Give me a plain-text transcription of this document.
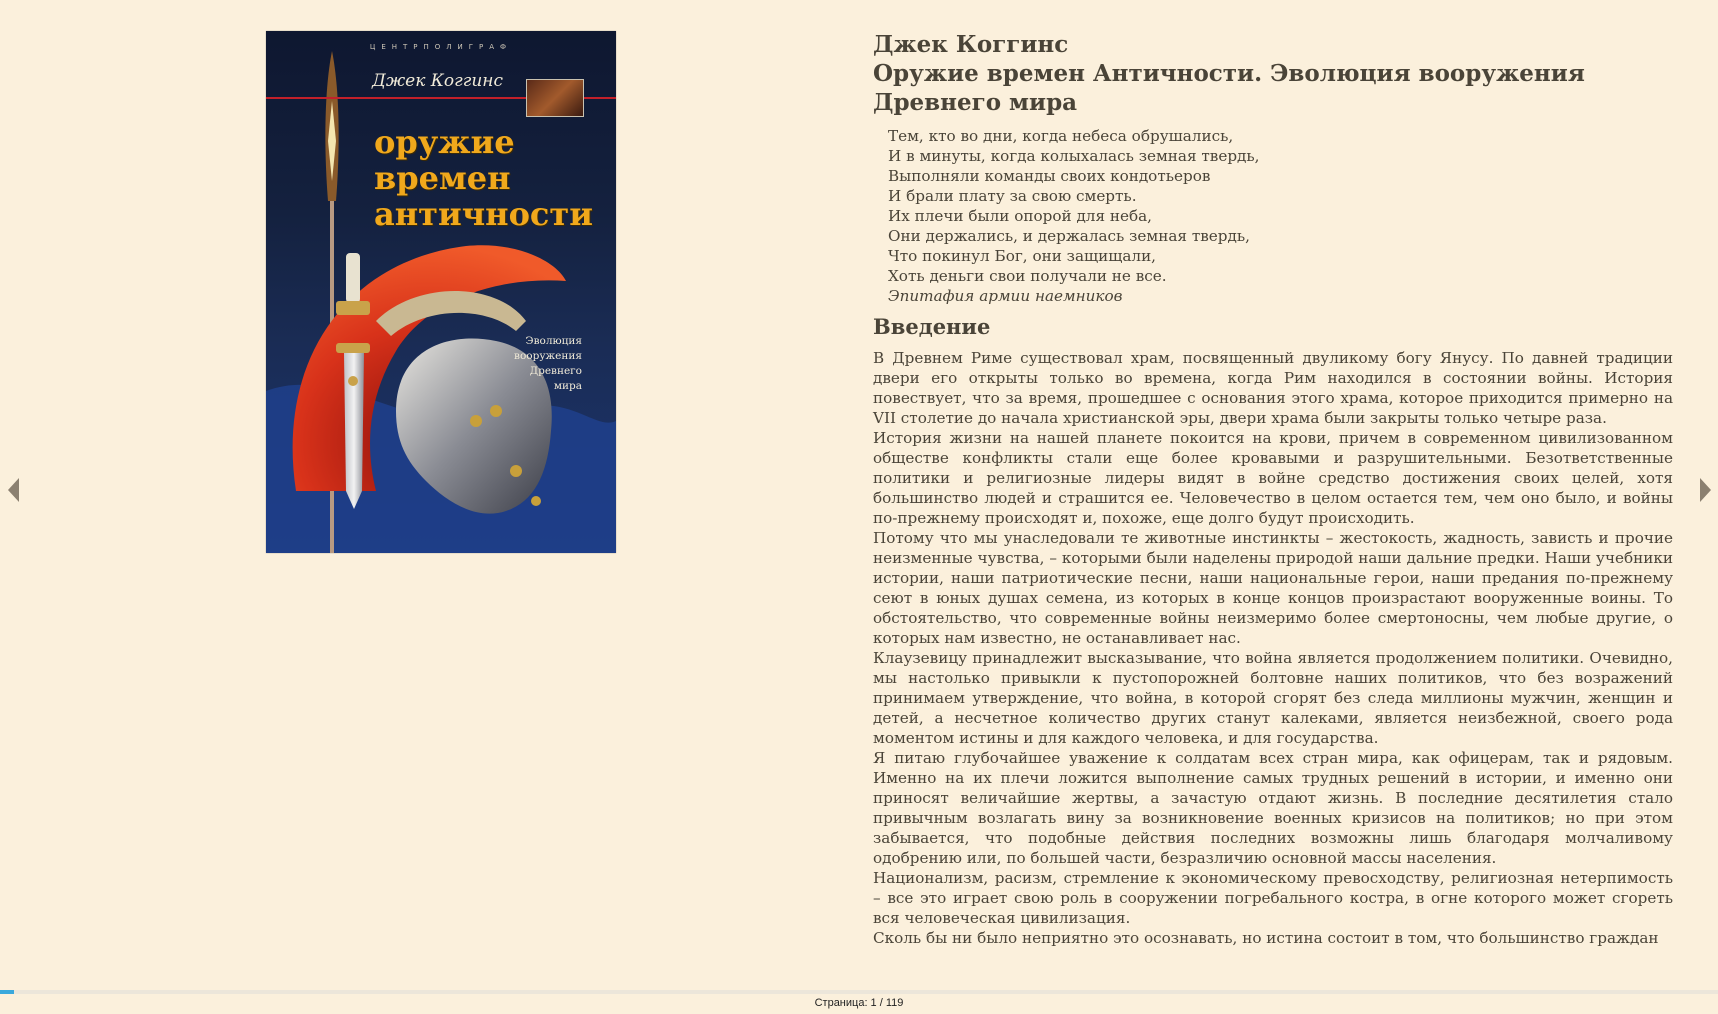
ЦЕНТРПОЛИГРАФ
Джек Коггинс
оружие
времен
античности
Эволюция
вооружения
Древнего
мира
Джек Коггинс
Оружие времен Античности. Эволюция вооружения Древнего мира
Тем, кто во дни, когда небеса обрушались,
И в минуты, когда колыхалась земная твердь,
Выполняли команды своих кондотьеров
И брали плату за свою смерть.
Их плечи были опорой для неба,
Они держались, и держалась земная твердь,
Что покинул Бог, они защищали,
Хоть деньги свои получали не все.
Эпитафия армии наемников
Введение

В Древнем Риме существовал храм, посвященный двуликому богу Янусу. По давней традиции двери его открыты только во времена, когда Рим находился в состоянии войны. История повествует, что за время, прошедшее с основания этого храма, которое приходится примерно на VII столетие до начала христианской эры, двери храма были закрыты только четыре раза.

История жизни на нашей планете покоится на крови, причем в современном цивилизованном обществе конфликты стали еще более кровавыми и разрушительными. Безответственные политики и религиозные лидеры видят в войне средство достижения своих целей, хотя большинство людей и страшится ее. Человечество в целом остается тем, чем оно было, и войны по-прежнему происходят и, похоже, еще долго будут происходить.

Потому что мы унаследовали те животные инстинкты – жестокость, жадность, зависть и прочие неизменные чувства, – которыми были наделены природой наши дальние предки. Наши учебники истории, наши патриотические песни, наши национальные герои, наши предания по-прежнему сеют в юных душах семена, из которых в конце концов произрастают вооруженные воины. То обстоятельство, что современные войны неизмеримо более смертоносны, чем любые другие, о которых нам известно, не останавливает нас.

Клаузевицу принадлежит высказывание, что война является продолжением политики. Очевидно, мы настолько привыкли к пустопорожней болтовне наших политиков, что без возражений принимаем утверждение, что война, в которой сгорят без следа миллионы мужчин, женщин и детей, а несчетное количество других станут калеками, является неизбежной, своего рода моментом истины и для каждого человека, и для государства.

Я питаю глубочайшее уважение к солдатам всех стран мира, как офицерам, так и рядовым. Именно на их плечи ложится выполнение самых трудных решений в истории, и именно они приносят величайшие жертвы, а зачастую отдают жизнь. В последние десятилетия стало привычным возлагать вину за возникновение военных кризисов на политиков; но при этом забывается, что подобные действия последних возможны лишь благодаря молчаливому одобрению или, по большей части, безразличию основной массы населения.

Национализм, расизм, стремление к экономическому превосходству, религиозная нетерпимость – все это играет свою роль в сооружении погребального костра, в огне которого может сгореть вся человеческая цивилизация.

Сколь бы ни было неприятно это осознавать, но истина состоит в том, что большинство граждан

Страница: 1 / 119
